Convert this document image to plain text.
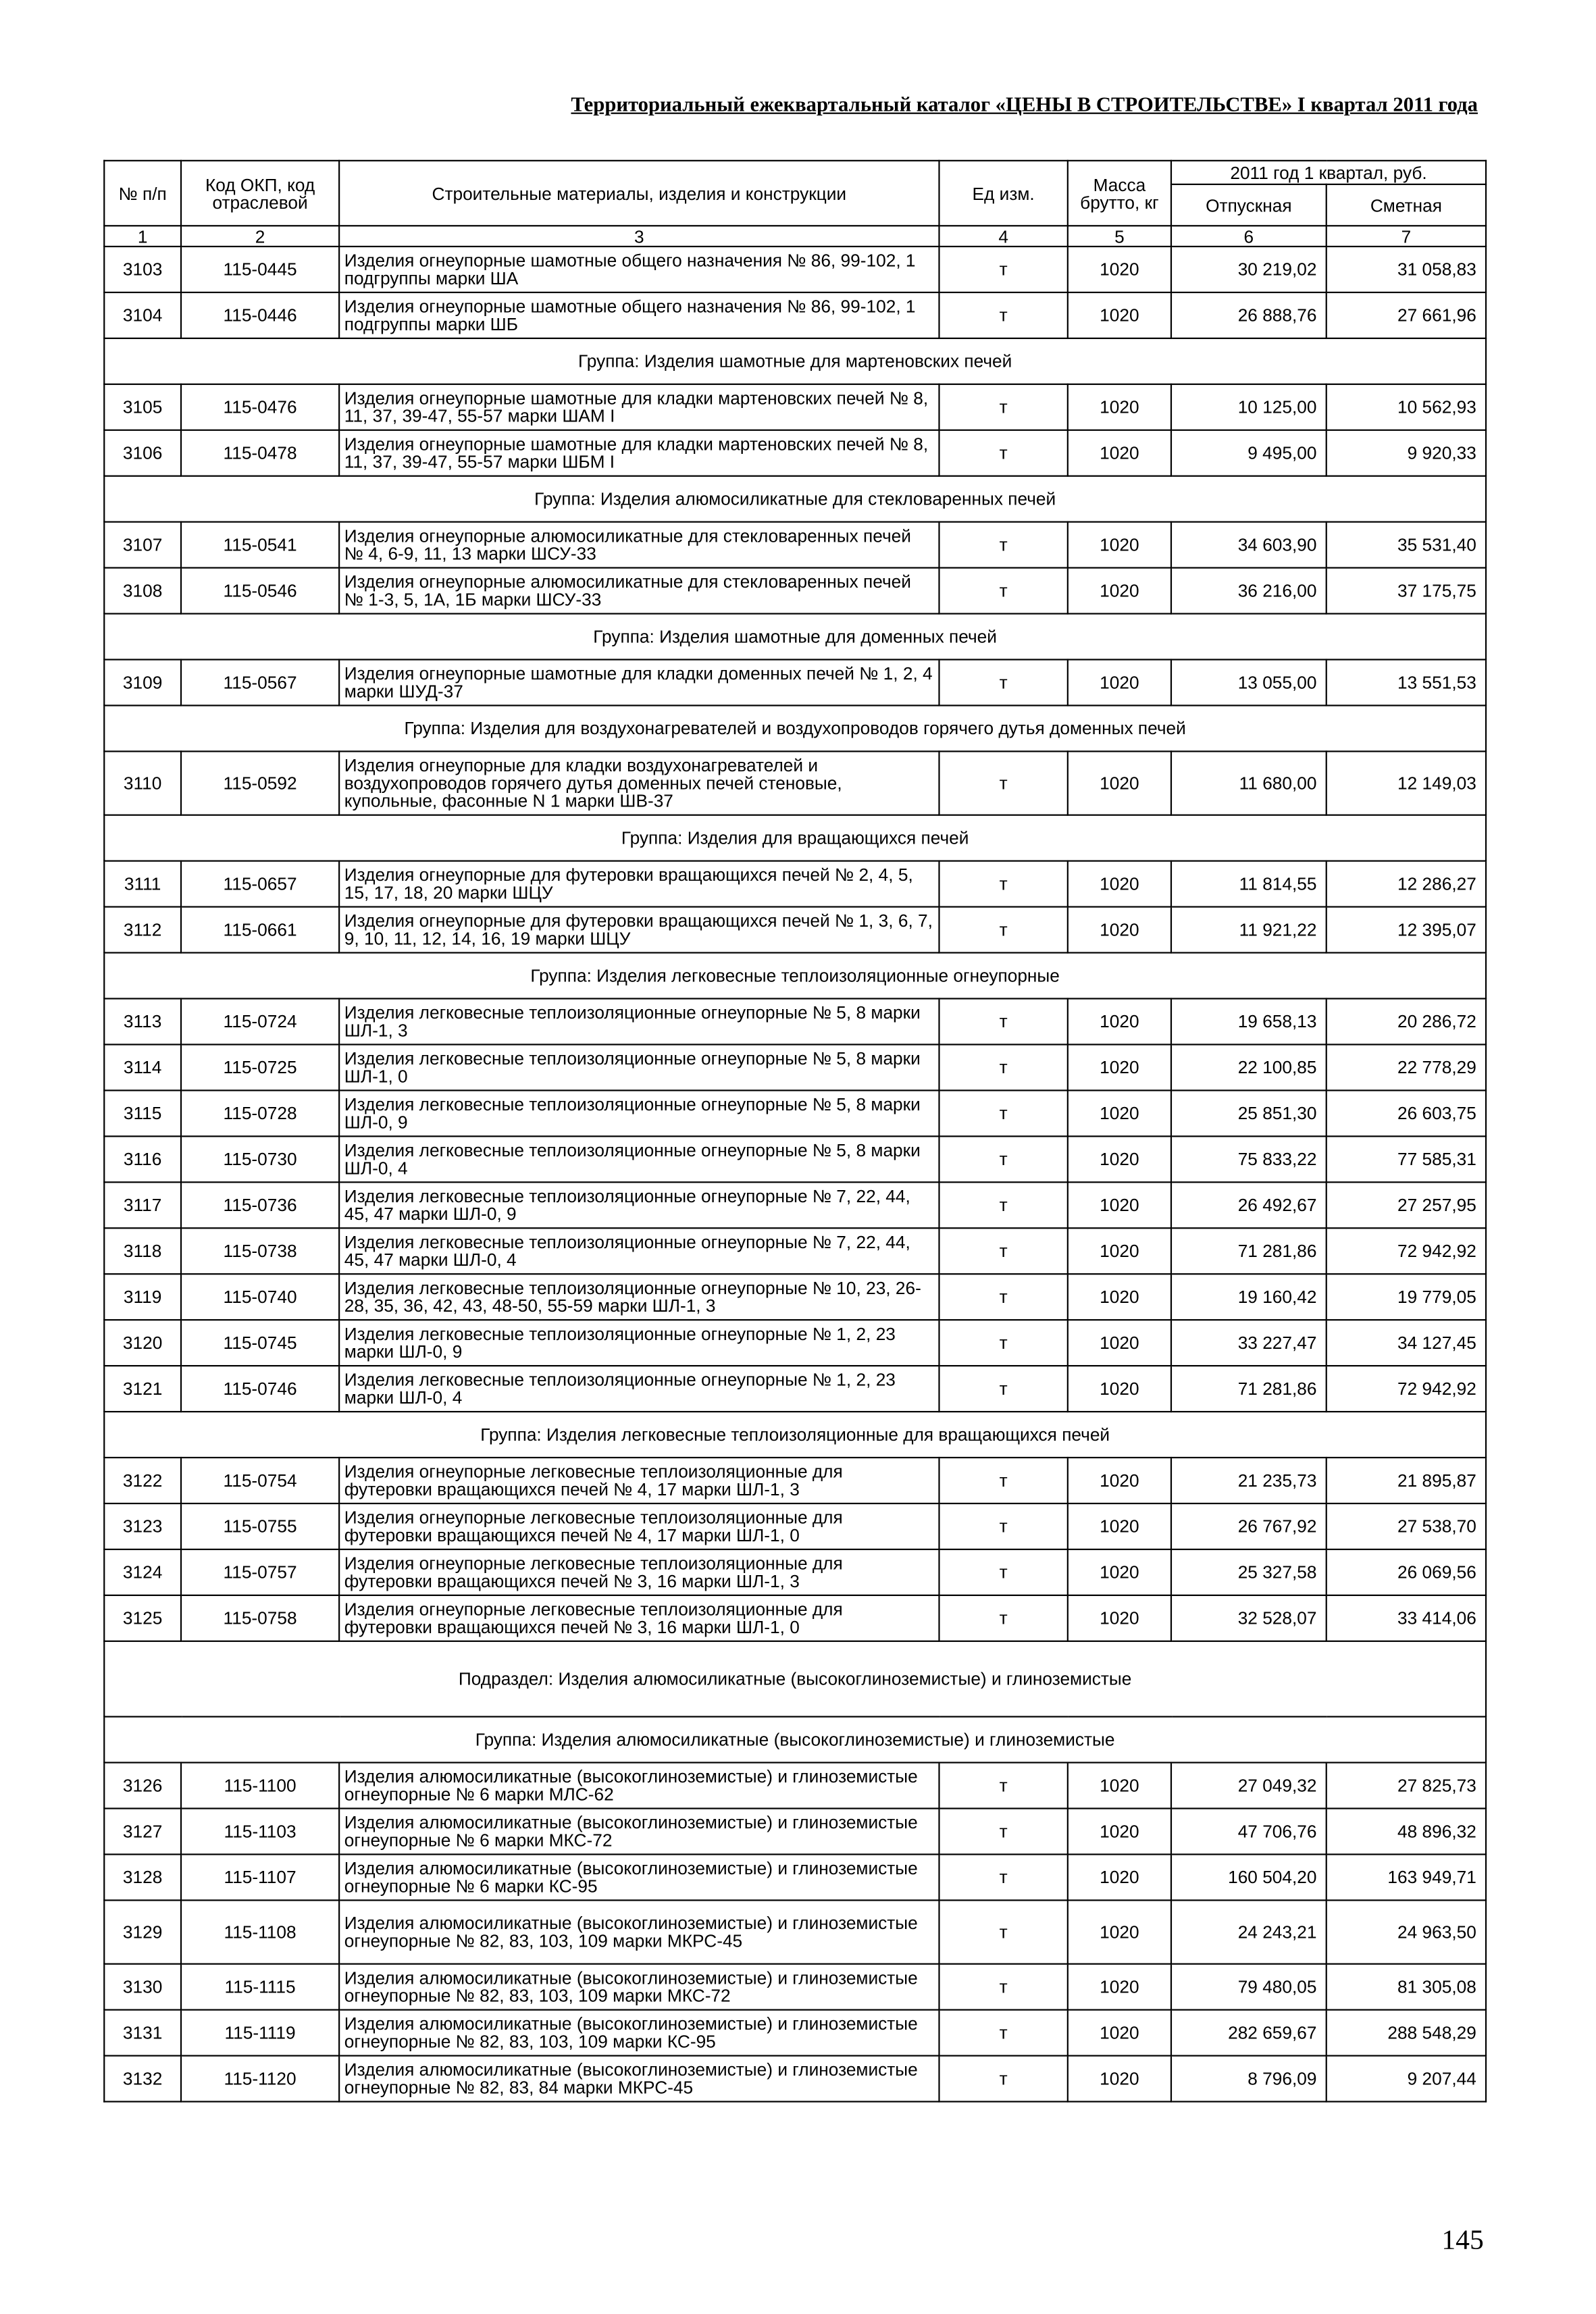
Территориальный ежеквартальный каталог «ЦЕНЫ В СТРОИТЕЛЬСТВЕ» I квартал 2011 года
№ п/п	Код ОКП, код отраслевой	Строительные материалы, изделия и конструкции	Ед изм.	Масса брутто, кг	2011 год 1 квартал, руб.	
					Отпускная	Сметная
1	2	3	4	5	6	7
3103	115-0445	Изделия огнеупорные шамотные общего назначения № 86, 99-102, 1 подгруппы марки ША	т	1020	30 219,02	31 058,83
3104	115-0446	Изделия огнеупорные шамотные общего назначения № 86, 99-102, 1 подгруппы марки ШБ	т	1020	26 888,76	27 661,96
Группа: Изделия шамотные для мартеновских печей						
3105	115-0476	Изделия огнеупорные шамотные для кладки мартеновских печей № 8, 11, 37, 39-47, 55-57 марки ШАМ I	т	1020	10 125,00	10 562,93
3106	115-0478	Изделия огнеупорные шамотные для кладки мартеновских печей № 8, 11, 37, 39-47, 55-57 марки ШБМ I	т	1020	9 495,00	9 920,33
Группа: Изделия алюмосиликатные для стекловаренных печей						
3107	115-0541	Изделия огнеупорные алюмосиликатные для стекловаренных печей № 4, 6-9, 11, 13 марки ШСУ-33	т	1020	34 603,90	35 531,40
3108	115-0546	Изделия огнеупорные алюмосиликатные для стекловаренных печей № 1-3, 5, 1А, 1Б марки ШСУ-33	т	1020	36 216,00	37 175,75
Группа: Изделия шамотные для доменных печей						
3109	115-0567	Изделия огнеупорные шамотные для кладки доменных печей № 1, 2, 4 марки ШУД-37	т	1020	13 055,00	13 551,53
Группа: Изделия для воздухонагревателей и воздухопроводов горячего дутья доменных печей						
3110	115-0592	Изделия огнеупорные для кладки воздухонагревателей и воздухопроводов горячего дутья доменных печей стеновые, купольные, фасонные N 1 марки ШВ-37	т	1020	11 680,00	12 149,03
Группа: Изделия для вращающихся печей						
3111	115-0657	Изделия огнеупорные для футеровки вращающихся печей № 2, 4, 5, 15, 17, 18, 20 марки ШЦУ	т	1020	11 814,55	12 286,27
3112	115-0661	Изделия огнеупорные для футеровки вращающихся печей № 1, 3, 6, 7, 9, 10, 11, 12, 14, 16, 19 марки ШЦУ	т	1020	11 921,22	12 395,07
Группа: Изделия легковесные теплоизоляционные огнеупорные						
3113	115-0724	Изделия легковесные теплоизоляционные огнеупорные № 5, 8 марки ШЛ-1, 3	т	1020	19 658,13	20 286,72
3114	115-0725	Изделия легковесные теплоизоляционные огнеупорные № 5, 8 марки ШЛ-1, 0	т	1020	22 100,85	22 778,29
3115	115-0728	Изделия легковесные теплоизоляционные огнеупорные № 5, 8 марки ШЛ-0, 9	т	1020	25 851,30	26 603,75
3116	115-0730	Изделия легковесные теплоизоляционные огнеупорные № 5, 8 марки ШЛ-0, 4	т	1020	75 833,22	77 585,31
3117	115-0736	Изделия легковесные теплоизоляционные огнеупорные № 7, 22, 44, 45, 47 марки ШЛ-0, 9	т	1020	26 492,67	27 257,95
3118	115-0738	Изделия легковесные теплоизоляционные огнеупорные № 7, 22, 44, 45, 47 марки ШЛ-0, 4	т	1020	71 281,86	72 942,92
3119	115-0740	Изделия легковесные теплоизоляционные огнеупорные № 10, 23, 26-28, 35, 36, 42, 43, 48-50, 55-59 марки ШЛ-1, 3	т	1020	19 160,42	19 779,05
3120	115-0745	Изделия легковесные теплоизоляционные огнеупорные № 1, 2, 23 марки ШЛ-0, 9	т	1020	33 227,47	34 127,45
3121	115-0746	Изделия легковесные теплоизоляционные огнеупорные № 1, 2, 23 марки ШЛ-0, 4	т	1020	71 281,86	72 942,92
Группа: Изделия легковесные теплоизоляционные для вращающихся печей						
3122	115-0754	Изделия огнеупорные легковесные теплоизоляционные для футеровки вращающихся печей № 4, 17 марки ШЛ-1, 3	т	1020	21 235,73	21 895,87
3123	115-0755	Изделия огнеупорные легковесные теплоизоляционные для футеровки вращающихся печей № 4, 17 марки ШЛ-1, 0	т	1020	26 767,92	27 538,70
3124	115-0757	Изделия огнеупорные легковесные теплоизоляционные для футеровки вращающихся печей № 3, 16 марки ШЛ-1, 3	т	1020	25 327,58	26 069,56
3125	115-0758	Изделия огнеупорные легковесные теплоизоляционные для футеровки вращающихся печей № 3, 16 марки ШЛ-1, 0	т	1020	32 528,07	33 414,06
Подраздел: Изделия алюмосиликатные (высокоглиноземистые) и глиноземистые						
Группа: Изделия алюмосиликатные (высокоглиноземистые) и глиноземистые						
3126	115-1100	Изделия алюмосиликатные (высокоглиноземистые) и глиноземистые огнеупорные № 6 марки МЛС-62	т	1020	27 049,32	27 825,73
3127	115-1103	Изделия алюмосиликатные (высокоглиноземистые) и глиноземистые огнеупорные № 6 марки МКС-72	т	1020	47 706,76	48 896,32
3128	115-1107	Изделия алюмосиликатные (высокоглиноземистые) и глиноземистые огнеупорные № 6 марки КС-95	т	1020	160 504,20	163 949,71
3129	115-1108	Изделия алюмосиликатные (высокоглиноземистые) и глиноземистые огнеупорные № 82, 83, 103, 109 марки МКРС-45	т	1020	24 243,21	24 963,50
3130	115-1115	Изделия алюмосиликатные (высокоглиноземистые) и глиноземистые огнеупорные № 82, 83, 103, 109 марки МКС-72	т	1020	79 480,05	81 305,08
3131	115-1119	Изделия алюмосиликатные (высокоглиноземистые) и глиноземистые огнеупорные № 82, 83, 103, 109 марки КС-95	т	1020	282 659,67	288 548,29
3132	115-1120	Изделия алюмосиликатные (высокоглиноземистые) и глиноземистые огнеупорные № 82, 83, 84 марки МКРС-45	т	1020	8 796,09	9 207,44
145
